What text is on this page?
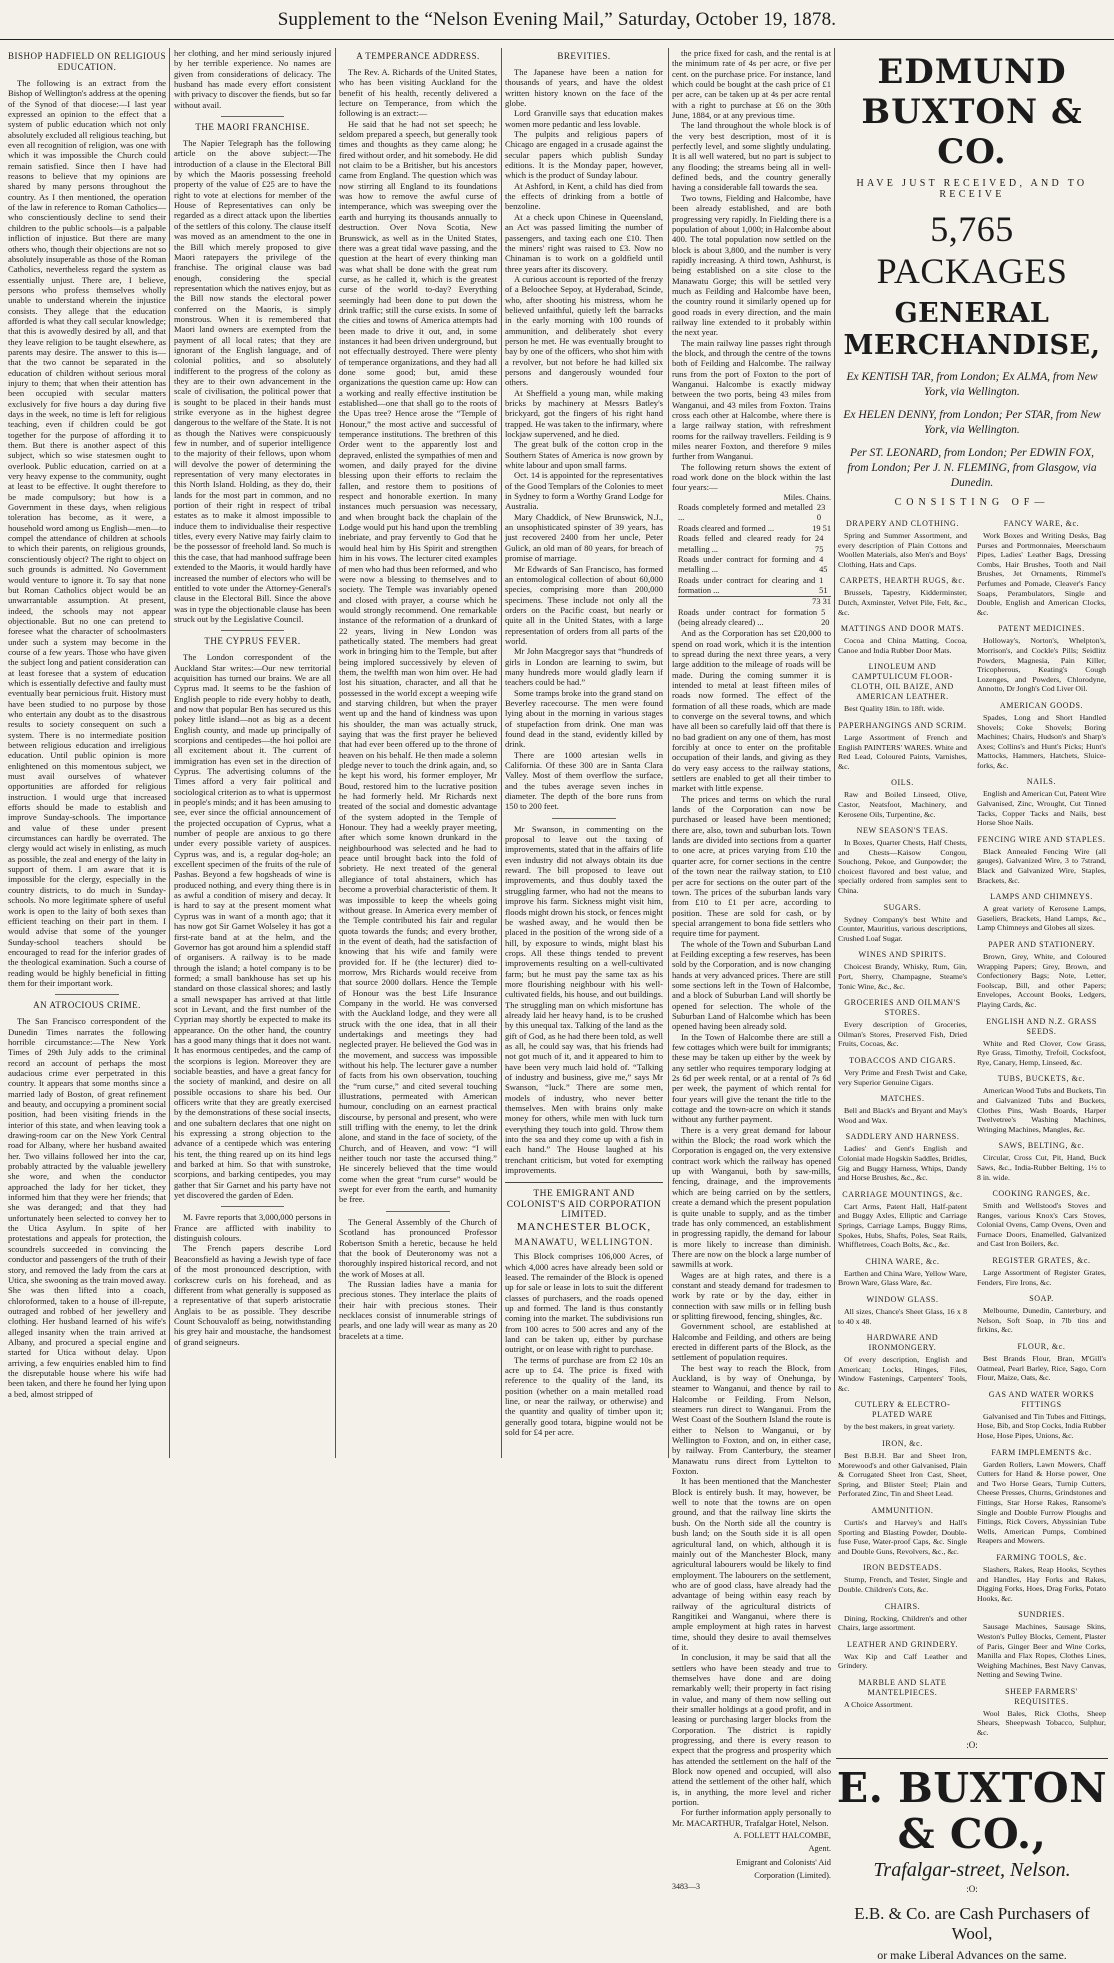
Supplement to the “Nelson Evening Mail,” Saturday, October 19, 1878.
BISHOP HADFIELD ON RELIGIOUS EDUCATION.

The following is an extract from the Bishop of Wellington's address at the opening of the Synod of that diocese:—I last year expressed an opinion to the effect that a system of public education which not only absolutely excluded all religious teaching, but even all recognition of religion, was one with which it was impossible the Church could remain satisfied. Since then I have had reasons to believe that my opinions are shared by many persons throughout the country. As I then mentioned, the operation of the law in reference to Roman Catholics—who conscientiously decline to send their children to the public schools—is a palpable infliction of injustice. But there are many others who, though their objections are not so absolutely insuperable as those of the Roman Catholics, nevertheless regard the system as essentially unjust. There are, I believe, persons who profess themselves wholly unable to understand wherein the injustice consists. They allege that the education afforded is what they call secular knowledge; that this is avowedly desired by all, and that they leave religion to be taught elsewhere, as parents may desire. The answer to this is—that the two cannot be separated in the education of children without serious moral injury to them; that when their attention has been occupied with secular matters exclusively for five hours a day during five days in the week, no time is left for religious teaching, even if children could be got together for the purpose of affording it to them. But there is another aspect of this subject, which so wise statesmen ought to overlook. Public education, carried on at a very heavy expense to the community, ought at least to be effective. It ought therefore to be made compulsory; but how is a Government in these days, when religious toleration has become, as it were, a household word among us English—men—to compel the attendance of children at schools to which their parents, on religious grounds, conscientiously object? The right to object on such grounds is admitted. No Government would venture to ignore it. To say that none but Roman Catholics object would be an unwarrantable assumption. At present, indeed, the schools may not appear objectionable. But no one can pretend to foresee what the character of schoolmasters under such a system may become in the course of a few years. Those who have given the subject long and patient consideration can at least foresee that a system of education which is essentially defective and faulty must eventually bear pernicious fruit. History must have been studied to no purpose by those who entertain any doubt as to the disastrous results to society consequent on such a system. There is no intermediate position between religious education and irreligious education. Until public opinion is more enlightened on this momentous subject, we must avail ourselves of whatever opportunities are afforded for religious instruction. I would urge that increased efforts should be made to establish and improve Sunday-schools. The importance and value of these under present circumstances can hardly be overrated. The clergy would act wisely in enlisting, as much as possible, the zeal and energy of the laity in support of them. I am aware that it is impossible for the clergy, especially in the country districts, to do much in Sunday-schools. No more legitimate sphere of useful work is open to the laity of both sexes than efficient teaching on their part in them. I would advise that some of the younger Sunday-school teachers should be encouraged to read for the inferior grades of the theological examination. Such a course of reading would be highly beneficial in fitting them for their important work.

AN ATROCIOUS CRIME.

The San Francisco correspondent of the Dunedin Times narrates the following horrible circumstance:—The New York Times of 29th July adds to the criminal record an account of perhaps the most audacious crime ever perpetrated in this country. It appears that some months since a married lady of Boston, of great refinement and beauty, and occupying a prominent social position, had been visiting friends in the interior of this state, and when leaving took a drawing-room car on the New York Central road for Albany, where her husband awaited her. Two villains followed her into the car, probably attracted by the valuable jewellery she wore, and when the conductor approached the lady for her ticket, they informed him that they were her friends; that she was deranged; and that they had unfortunately been selected to convey her to the Utica Asylum. In spite of her protestations and appeals for protection, the scoundrels succeeded in convincing the conductor and passengers of the truth of their story, and removed the lady from the cars at Utica, she swooning as the train moved away. She was then lifted into a coach, chloroformed, taken to a house of ill-repute, outraged and robbed of her jewellery and clothing. Her husband learned of his wife's alleged insanity when the train arrived at Albany, and procured a special engine and started for Utica without delay. Upon arriving, a few enquiries enabled him to find the disreputable house where his wife had been taken, and there he found her lying upon a bed, almost stripped of

her clothing, and her mind seriously injured by her terrible experience. No names are given from considerations of delicacy. The husband has made every effort consistent with privacy to discover the fiends, but so far without avail.

THE MAORI FRANCHISE.

The Napier Telegraph has the following article on the above subject:—The introduction of a clause in the Electoral Bill by which the Maoris possessing freehold property of the value of £25 are to have the right to vote at elections for member of the House of Representatives can only be regarded as a direct attack upon the liberties of the settlers of this colony. The clause itself was moved as an amendment to the one in the Bill which merely proposed to give Maori ratepayers the privilege of the franchise. The original clause was bad enough, considering the special representation which the natives enjoy, but as the Bill now stands the electoral power conferred on the Maoris, is simply monstrous. When it is remembered that Maori land owners are exempted from the payment of all local rates; that they are ignorant of the English language, and of colonial politics, and so absolutely indifferent to the progress of the colony as they are to their own advancement in the scale of civilisation, the political power that is sought to be placed in their hands must strike everyone as in the highest degree dangerous to the welfare of the State. It is not as though the Natives were conspicuously few in number, and of superior intelligence to the majority of their fellows, upon whom will devolve the power of determining the representation of very many electorates in this North Island. Holding, as they do, their lands for the most part in common, and no portion of their right in respect of tribal estates as to make it almost impossible to induce them to individualise their respective titles, every every Native may fairly claim to be the possessor of freehold land. So much is this the case, that had manhood suffrage been extended to the Maoris, it would hardly have increased the number of electors who will be entitled to vote under the Attorney-General's clause in the Electoral Bill. Since the above was in type the objectionable clause has been struck out by the Legislative Council.

THE CYPRUS FEVER.

The London correspondent of the Auckland Star writes:—Our new territorial acquisition has turned our brains. We are all Cyprus mad. It seems to be the fashion of English people to ride every hobby to death, and now that popular Ben has secured us this pokey little island—not as big as a decent English county, and made up principally of scorpions and centipedes—the hoi polloi are all excitement about it. The current of immigration has even set in the direction of Cyprus. The advertising columns of the Times afford a very fair political and sociological criterion as to what is uppermost in people's minds; and it has been amusing to see, ever since the official announcement of the projected occupation of Cyprus, what a number of people are anxious to go there under every possible variety of auspices. Cyprus was, and is, a regular dog-hole; an excellent specimen of the fruits of the rule of Pashas. Beyond a few hogsheads of wine is produced nothing, and every thing there is in as awful a condition of misery and decay. It is hard to say at the present moment what Cyprus was in want of a month ago; that it has now got Sir Garnet Wolseley it has got a first-rate band at at the helm, and the Governor has got around him a splendid staff of organisers. A railway is to be made through the island; a hotel company is to be formed; a small bankhouse has set up his standard on those classical shores; and lastly a small newspaper has arrived at that little scot in Levant, and the first number of the Cyprian may shortly be expected to make its appearance. On the other hand, the country has a good many things that it does not want. It has enormous centipedes, and the camp of the scorpions is legion. Moreover they are sociable beasties, and have a great fancy for the society of mankind, and desire on all possible occasions to share his bed. Our officers write that they are greatly exercised by the demonstrations of these social insects, and one subaltern declares that one night on his expressing a strong objection to the advance of a centipede which was entering his tent, the thing reared up on its hind legs and barked at him. So that with sunstroke, scorpions, and barking centipedes, you may gather that Sir Garnet and his party have not yet discovered the garden of Eden.

M. Favre reports that 3,000,000 persons in France are afflicted with inability to distinguish colours.

The French papers describe Lord Beaconsfield as having a Jewish type of face of the most pronounced description, with corkscrew curls on his forehead, and as different from what generally is supposed as a representative of that superb aristocratie Anglais to be as possible. They describe Count Schouvaloff as being, notwithstanding his grey hair and moustache, the handsomest of grand seigneurs.

A TEMPERANCE ADDRESS.

The Rev. A. Richards of the United States, who has been visiting Auckland for the benefit of his health, recently delivered a lecture on Temperance, from which the following is an extract:—

He said that he had not set speech; he seldom prepared a speech, but generally took times and thoughts as they came along; he fired without order, and hit somebody. He did not claim to be a Britisher, but his ancestors came from England. The question which was now stirring all England to its foundations was how to remove the awful curse of intemperance, which was sweeping over the earth and hurrying its thousands annually to destruction. Over Nova Scotia, New Brunswick, as well as in the United States, there was a great tidal wave passing, and the question at the heart of every thinking man was what shall be done with the great rum curse, as he called it, which is the greatest curse of the world to-day? Everything seemingly had been done to put down the drink traffic; still the curse exists. In some of the cities and towns of America attempts had been made to drive it out, and, in some instances it had been driven underground, but not effectually destroyed. There were plenty of temperance organizations, and they had all done some good; but, amid these organizations the question came up: How can a working and really effective institution be established—one that shall go to the roots of the Upas tree? Hence arose the “Temple of Honour,” the most active and successful of temperance institutions. The brethren of this Order went to the apparently lost and depraved, enlisted the sympathies of men and women, and daily prayed for the divine blessing upon their efforts to reclaim the fallen, and restore them to positions of respect and honorable exertion. In many instances much persuasion was necessary, and when brought back the chaplain of the Lodge would put his hand upon the trembling inebriate, and pray fervently to God that he would heal him by His Spirit and strengthen him in his vows. The lecturer cited examples of men who had thus been reformed, and who were now a blessing to themselves and to society. The Temple was invariably opened and closed with prayer, a course which he would strongly recommend. One remarkable instance of the reformation of a drunkard of 22 years, living in New London was pathetically stated. The members had great work in bringing him to the Temple, but after being implored successively by eleven of them, the twelfth man won him over. He had lost his situation, character, and all that he possessed in the world except a weeping wife and starving children, but when the prayer went up and the hand of kindness was upon his shoulder, the man was actually struck, saying that was the first prayer he believed that had ever been offered up to the throne of heaven on his behalf. He then made a solemn pledge never to touch the drink again, and, so he kept his word, his former employer, Mr Boud, restored him to the lucrative position he had formerly held. Mr Richards next treated of the social and domestic advantage of the system adopted in the Temple of Honour. They had a weekly prayer meeting, after which some known drunkard in the neighbourhood was selected and he had to peace until brought back into the fold of sobriety. He next treated of the general allegiance of total abstainers, which has become a proverbial characteristic of them. It was impossible to keep the wheels going without grease. In America every member of the Temple contributed his fair and regular quota towards the funds; and every brother, in the event of death, had the satisfaction of knowing that his wife and family were provided for. If he (the lecturer) died to-morrow, Mrs Richards would receive from that source 2000 dollars. Hence the Temple of Honour was the best Life Insurance Company in the world. He was conversed with the Auckland lodge, and they were all struck with the one idea, that in all their undertakings and meetings they had neglected prayer. He believed the God was in the movement, and success was impossible without his help. The lecturer gave a number of facts from his own observation, touching the “rum curse,” and cited several touching illustrations, permeated with American humour, concluding on an earnest practical discourse, by personal and present, who were still trifling with the enemy, to let the drink alone, and stand in the face of society, of the Church, and of Heaven, and vow: “I will neither touch nor taste the accursed thing.” He sincerely believed that the time would come when the great “rum curse” would be swept for ever from the earth, and humanity be free.

The General Assembly of the Church of Scotland has pronounced Professor Robertson Smith a heretic, because he held that the book of Deuteronomy was not a thoroughly inspired historical record, and not the work of Moses at all.

The Russian ladies have a mania for precious stones. They interlace the plaits of their hair with precious stones. Their necklaces consist of innumerable strings of pearls, and one lady will wear as many as 20 bracelets at a time.

BREVITIES.

The Japanese have been a nation for thousands of years, and have the oldest written history known on the face of the globe.

Lord Granville says that education makes women more pedantic and less lovable.

The pulpits and religious papers of Chicago are engaged in a crusade against the secular papers which publish Sunday editions. It is the Monday paper, however, which is the product of Sunday labour.

At Ashford, in Kent, a child has died from the effects of drinking from a bottle of benzoline.

At a check upon Chinese in Queensland, an Act was passed limiting the number of passengers, and taxing each one £10. Then the miners' right was raised to £3. Now no Chinaman is to work on a goldfield until three years after its discovery.

A curious account is reported of the frenzy of a Beloochee Sepoy, at Hyderabad, Scinde, who, after shooting his mistress, whom he believed unfaithful, quietly left the barracks in the early morning with 100 rounds of ammunition, and deliberately shot every person he met. He was eventually brought to bay by one of the officers, who shot him with a revolver, but not before he had killed six persons and dangerously wounded four others.

At Sheffield a young man, while making bricks by machinery at Messrs Batley's brickyard, got the fingers of his right hand trapped. He was taken to the infirmary, where lockjaw supervened, and he died.

The great bulk of the cotton crop in the Southern States of America is now grown by white labour and upon small farms.

Oct. 14 is appointed for the representatives of the Good Templars of the Colonies to meet in Sydney to form a Worthy Grand Lodge for Australia.

Mary Chaddick, of New Brunswick, N.J., an unsophisticated spinster of 39 years, has just recovered 2400 from her uncle, Peter Gulick, an old man of 80 years, for breach of promise of marriage.

Mr Edwards of San Francisco, has formed an entomological collection of about 60,000 species, comprising more than 200,000 specimens. These include not only all the orders on the Pacific coast, but nearly or quite all in the United States, with a large representation of orders from all parts of the world.

Mr John Macgregor says that “hundreds of girls in London are learning to swim, but many hundreds more would gladly learn if teachers could be had.”

Some tramps broke into the grand stand on Beverley racecourse. The men were found lying about in the morning in various stages of stupefaction from drink. One man was found dead in the stand, evidently killed by drink.

There are 1000 artesian wells in California. Of these 300 are in Santa Clara Valley. Most of them overflow the surface, and the tubes average seven inches in diameter. The depth of the bore runs from 150 to 200 feet.

Mr Swanson, in commenting on the proposal to leave out the taxing of improvements, stated that in the affairs of life even industry did not always obtain its due reward. The bill proposed to leave out improvements, and thus doubly taxed the struggling farmer, who had not the means to improve his farm. Sickness might visit him, floods might drown his stock, or fences might be washed away, and he would then be placed in the position of the wrong side of a hill, by exposure to winds, might blast his crops. All these things tended to prevent improvements resulting on a well-cultivated farm; but he must pay the same tax as his more flourishing neighbour with his well-cultivated fields, his house, and out buildings. The struggling man on which misfortune has already laid her heavy hand, is to be crushed by this unequal tax. Talking of the land as the gift of God, as he had there been told, as well as all, he could say was, that his friends had not got much of it, and it appeared to him to have been very much laid hold of. “Talking of industry and business, give me,” says Mr Swanson, “luck.” There are some men, models of industry, who never better themselves. Men with brains only make money for others, while men with luck turn everything they touch into gold. Throw them into the sea and they come up with a fish in each hand.” The House laughed at his trenchant criticism, but voted for exempting improvements.

THE EMIGRANT AND COLONIST'S AID CORPORATION LIMITED.
MANCHESTER BLOCK,
MANAWATU, WELLINGTON.

This Block comprises 106,000 Acres, of which 4,000 acres have already been sold or leased. The remainder of the Block is opened up for sale or lease in lots to suit the different classes of purchasers, and the roads opened up and formed. The land is thus constantly coming into the market. The subdivisions run from 100 acres to 500 acres and any of the land can be taken up, either by purchase outright, or on lease with right to purchase.

The terms of purchase are from £2 10s an acre up to £4. The price is fixed with reference to the quality of the land, its position (whether on a main metalled road line, or near the railway, or otherwise) and the quantity and quality of timber upon it; generally good totara, bigpine would not be sold for £4 per acre.

the price fixed for cash, and the rental is at the minimum rate of 4s per acre, or five per cent. on the purchase price. For instance, land which could be bought at the cash price of £1 per acre, can be taken up at 4s per acre rental with a right to purchase at £6 on the 30th June, 1884, or at any previous time.

The land throughout the whole block is of the very best description, most of it is perfectly level, and some slightly undulating. It is all well watered, but no part is subject to any flooding; the streams being all in well-defined beds, and the country generally having a considerable fall towards the sea.

Two towns, Fielding and Halcombe, have been already established, and are both progressing very rapidly. In Fielding there is a population of about 1,000; in Halcombe about 400. The total population now settled on the block is about 3,800, and the number is very rapidly increasing. A third town, Ashhurst, is being established on a site close to the Manawatu Gorge; this will be settled very much as Feilding and Halcombe have been, the country round it similarly opened up for good roads in every direction, and the main railway line extended to it probably within the next year.

The main railway line passes right through the block, and through the centre of the towns both of Feilding and Halcombe. The railway runs from the port of Foxton to the port of Wanganui. Halcombe is exactly midway between the two ports, being 43 miles from Wanganui, and 43 miles from Foxton. Trains cross each other at Halcombe, where there is a large railway station, with refreshment rooms for the railway travellers. Feilding is 9 miles nearer Foxton, and therefore 9 miles further from Wanganui.

The following return shows the extent of road work done on the block within the last four years:—

Miles. Chains.
Roads completely formed and metalled ...
23 0
Roads cleared and formed ...	19 51
Roads felled and cleared ready for metalling ...
24 75
Roads under contract for forming and metalling ...
4 45
Roads under contract for clearing and formation ...
1 51
73 31
Roads under contract for formation (being already cleared) ...
5 20

And as the Corporation has set £20,000 to spend on road work, which it is the intention to spread during the next three years, a very large addition to the mileage of roads will be made. During the coming summer it is intended to metal at least fifteen miles of roads now formed. The effect of the formation of all these roads, which are made to converge on the several towns, and which have all been so carefully laid off that there is no bad gradient on any one of them, has most forcibly at once to enter on the profitable occupation of their lands, and giving as they do very easy access to the railway stations, settlers are enabled to get all their timber to market with little expense.

The prices and terms on which the rural lands of the Corporation can now be purchased or leased have been mentioned; there are, also, town and suburban lots. Town lands are divided into sections from a quarter to one acre, at prices varying from £10 the quarter acre, for corner sections in the centre of the town near the railway station, to £10 per acre for sections on the outer part of the town. The prices of the suburban lands vary from £10 to £1 per acre, according to position. These are sold for cash, or by special arrangement to bona fide settlers who require time for payment.

The whole of the Town and Suburban Land at Feilding excepting a few reserves, has been sold by the Corporation, and is now changing hands at very advanced prices. There are still some sections left in the Town of Halcombe, and a block of Suburban Land will shortly be opened for selection. The whole of the Suburban Land of Halcombe which has been opened having been already sold.

In the Town of Halcombe there are still a few cottages which were built for immigrants; these may be taken up either by the week by any settler who requires temporary lodging at 2s 6d per week rental, or at a rental of 7s 6d per week, the payment of which rental for four years will give the tenant the title to the cottage and the town-acre on which it stands without any further payment.

There is a very great demand for labour within the Block; the road work which the Corporation is engaged on, the very extensive contract work which the railway has opened up with Wanganui, both by saw-mills, fencing, drainage, and the improvements which are being carried on by the settlers, create a demand which the present population is quite unable to supply, and as the timber trade has only commenced, an establishment in progressing rapidly, the demand for labour is more likely to increase than diminish. There are now on the block a large number of sawmills at work.

Wages are at high rates, and there is a constant and steady demand for tradesmen to work by rate or by the day, either in connection with saw mills or in felling bush or splitting firewood, fencing, shingles, &c.

Government school, are established at Halcombe and Feilding, and others are being erected in different parts of the Block, as the settlement of population requires.

The best way to reach the Block, from Auckland, is by way of Onehunga, by steamer to Wanganui, and thence by rail to Halcombe or Feilding. From Nelson, steamers run direct to Wanganui. From the West Coast of the Southern Island the route is either to Nelson to Wanganui, or by Wellington to Foxton, and on, in either case, by railway. From Canterbury, the steamer Manawatu runs direct from Lyttelton to Foxton.

It has been mentioned that the Manchester Block is entirely bush. It may, however, be well to note that the towns are on open ground, and that the railway line skirts the bush. On the North side all the country is bush land; on the South side it is all open agricultural land, on which, although it is mainly out of the Manchester Block, many agricultural labourers would be likely to find employment. The labourers on the settlement, who are of good class, have already had the advantage of being within easy reach by railway of the agricultural districts of Rangitikei and Wanganui, where there is ample employment at high rates in harvest time, should they desire to avail themselves of it.

In conclusion, it may be said that all the settlers who have been steady and true to themselves have done and are doing remarkably well; their property in fact rising in value, and many of them now selling out their smaller holdings at a good profit, and in leasing or purchasing larger blocks from the Corporation. The district is rapidly progressing, and there is every reason to expect that the progress and prosperity which has attended the settlement on the half of the Block now opened and occupied, will also attend the settlement of the other half, which is, in anything, the more level and richer portion.

For further information apply personally to Mr. MACARTHUR, Trafalgar Hotel, Nelson.

A. FOLLETT HALCOMBE,
Agent.
Emigrant and Colonists' Aid
Corporation (Limited).
3483—3
EDMUND BUXTON & CO.
HAVE JUST RECEIVED, AND TO RECEIVE
5,765 PACKAGES
GENERAL MERCHANDISE,
Ex KENTISH TAR, from London; Ex ALMA, from New York, via Wellington.
Ex HELEN DENNY, from London; Per STAR, from New York, via Wellington.
Per ST. LEONARD, from London; Per EDWIN FOX, from London; Per J. N. FLEMING, from Glasgow, via Dunedin.
CONSISTING OF—
DRAPERY AND CLOTHING.
Spring and Summer Assortment, and every description of Plain Cottons and Woollen Materials, also Men's and Boys' Clothing, Hats and Caps.
CARPETS, HEARTH RUGS, &c.
Brussels, Tapestry, Kidderminster, Dutch, Axminster, Velvet Pile, Felt, &c., &c.
MATTINGS AND DOOR MATS.
Cocoa and China Matting, Cocoa, Canoe and India Rubber Door Mats.
LINOLEUM AND CAMPTULICUM FLOOR-CLOTH, OIL BAIZE, AND AMERICAN LEATHER.
Best Quality 18in. to 18ft. wide.
PAPERHANGINGS AND SCRIM.
Large Assortment of French and English PAINTERS' WARES. White and Red Lead, Coloured Paints, Varnishes, &c.
OILS.
Raw and Boiled Linseed, Olive, Castor, Neatsfoot, Machinery, and Kerosene Oils, Turpentine, &c.
NEW SEASON'S TEAS.
In Boxes, Quarter Chests, Half Chests, and Chests—Kaisow Congou, Souchong, Pekoe, and Gunpowder; the choicest flavored and best value, and specially ordered from samples sent to China.
SUGARS.
Sydney Company's best White and Counter, Mauritius, various descriptions, Crushed Loaf Sugar.
WINES AND SPIRITS.
Choicest Brandy, Whisky, Rum, Gin, Port, Sherry, Champagne, Steame's Tonic Wine, &c., &c.
GROCERIES AND OILMAN'S STORES.
Every description of Groceries, Oilman's Stores, Preserved Fish, Dried Fruits, Cocoas, &c.
TOBACCOS AND CIGARS.
Very Prime and Fresh Twist and Cake, very Superior Genuine Cigars.
MATCHES.
Bell and Black's and Bryant and May's Wood and Wax.
SADDLERY AND HARNESS.
Ladies' and Gent's English and Colonial made Hogskin Saddles, Bridles, Gig and Buggy Harness, Whips, Dandy and Horse Brushes, &c., &c.
CARRIAGE MOUNTINGS, &c.
Cart Arms, Patent Hall, Half-patent and Buggy Axles, Elliptic and Carriage Springs, Carriage Lamps, Buggy Rims, Spokes, Hubs, Shafts, Poles, Seat Rails, Whiffletrees, Coach Bolts, &c., &c.
CHINA WARE, &c.
Earthen and China Ware, Yellow Ware, Brown Ware, Glass Ware, &c.
WINDOW GLASS.
All sizes, Chance's Sheet Glass, 16 x 8 to 40 x 48.
HARDWARE AND IRONMONGERY.
Of every description, English and American; Locks, Hinges, Files, Window Fastenings, Carpenters' Tools, &c.
CUTLERY & ELECTRO-PLATED WARE
by the best makers, in great variety.
IRON, &c.
Best B.B.H. Bar and Sheet Iron, Morewood's and other Galvanised, Plain & Corrugated Sheet Iron Cast, Sheet, Spring, and Blister Steel; Plain and Perforated Zinc, Tin and Sheet Lead.
AMMUNITION.
Curtis's and Harvey's and Hall's Sporting and Blasting Powder, Double-fuse Fuse, Water-proof Caps, &c. Single and Double Guns, Revolvers, &c., &c.
IRON BEDSTEADS.
Stump, French, and Tester, Single and Double. Children's Cots, &c.
CHAIRS.
Dining, Rocking, Children's and other Chairs, large assortment.
LEATHER AND GRINDERY.
Wax Kip and Calf Leather and Grindery.
MARBLE AND SLATE MANTELPIECES.
A Choice Assortment.
FANCY WARE, &c.
Work Boxes and Writing Desks, Bag Purses and Portmonnaies, Meerschaum Pipes, Ladies' Leather Bags, Dressing Combs, Hair Brushes, Tooth and Nail Brushes, Jet Ornaments, Rimmel's Perfumes and Pomade, Cleaver's Fancy Soaps, Perambulators, Single and Double, English and American Clocks, &c.
PATENT MEDICINES.
Holloway's, Norton's, Whelpton's, Morrison's, and Cockle's Pills; Seidlitz Powders, Magnesia, Pain Killer, Tricopherous, Keating's Cough Lozenges, and Powders, Chlorodyne, Annotto, Dr Jongh's Cod Liver Oil.
AMERICAN GOODS.
Spades, Long and Short Handled Shovels; Coke Shovels; Boring Machines; Chairs, Hudson's and Sharp's Axes; Collins's and Hunt's Picks; Hunt's Mattocks, Hammers, Hatchets, Sluice-forks, &c.
NAILS.
English and American Cut, Patent Wire Galvanised, Zinc, Wrought, Cut Tinned Tacks, Copper Tacks and Nails, best Horse Shoe Nails.
FENCING WIRE AND STAPLES.
Black Annealed Fencing Wire (all gauges), Galvanized Wire, 3 to 7strand, Black and Galvanized Wire, Staples, Brackets, &c.
LAMPS AND CHIMNEYS.
A great variety of Kerosene Lamps, Gaseliers, Brackets, Hand Lamps, &c., Lamp Chimneys and Globes all sizes.
PAPER AND STATIONERY.
Brown, Grey, White, and Coloured Wrapping Papers; Grey, Brown, and Confectionery Bags; Note, Letter, Foolscap, Bill, and other Papers; Envelopes, Account Books, Ledgers, Playing Cards, &c.
ENGLISH AND N.Z. GRASS SEEDS.
White and Red Clover, Cow Grass, Rye Grass, Timothy, Trefoil, Cocksfoot, Rye, Canary, Hemp, Linseed, &c.
TUBS, BUCKETS, &c.
American Wood Tubs and Buckets, Tin and Galvanized Tubs and Buckets, Clothes Pins, Wash Boards, Harper Twelvetree's Washing Machines, Wringing Machines, Mangles, &c.
SAWS, BELTING, &c.
Circular, Cross Cut, Pit, Hand, Buck Saws, &c., India-Rubber Belting, 1½ to 8 in. wide.
COOKING RANGES, &c.
Smith and Wellstood's Stoves and Ranges, various Knox's Cars Stoves, Colonial Ovens, Camp Ovens, Oven and Furnace Doors, Enamelled, Galvanized and Cast Iron Boilers, &c.
REGISTER GRATES, &c.
Large Assortment of Register Grates, Fenders, Fire Irons, &c.
SOAP.
Melbourne, Dunedin, Canterbury, and Nelson, Soft Soap, in 7lb tins and firkins, &c.
FLOUR, &c.
Best Brands Flour, Bran, M'Gill's Oatmeal, Pearl Barley, Rice, Sago, Corn Flour, Maize, Oats, &c.
GAS AND WATER WORKS FITTINGS
Galvanised and Tin Tubes and Fittings, Hose, Bib, and Stop Cocks, India Rubber Hose, Hose Pipes, Unions, &c.
FARM IMPLEMENTS &c.
Garden Rollers, Lawn Mowers, Chaff Cutters for Hand & Horse power, One and Two Horse Gears, Turnip Cutters, Cheese Presses, Churns, Grindstones and Fittings, Star Horse Rakes, Ransome's Single and Double Furrow Ploughs and Fittings, Rick Covers, Abyssinian Tube Wells, American Pumps, Combined Reapers and Mowers.
FARMING TOOLS, &c.
Slashers, Rakes, Reap Hooks, Scythes and Handles, Hay Forks and Rakes, Digging Forks, Hoes, Drag Forks, Potato Hooks, &c.
SUNDRIES.
Sausage Machines, Sausage Skins, Weston's Pulley Blocks, Cement, Plaster of Paris, Ginger Beer and Wine Corks, Manilla and Flax Ropes, Clothes Lines, Weighing Machines, Best Navy Canvas, Netting and Sewing Twine.
SHEEP FARMERS' REQUISITES.
Wool Bales, Rick Cloths, Sheep Shears, Sheepwash Tobacco, Sulphur, &c.
:O:
E. BUXTON & CO.,
Trafalgar-street, Nelson.
:O:
E.B. & Co. are Cash Purchasers of Wool,
or make Liberal Advances on the same.
